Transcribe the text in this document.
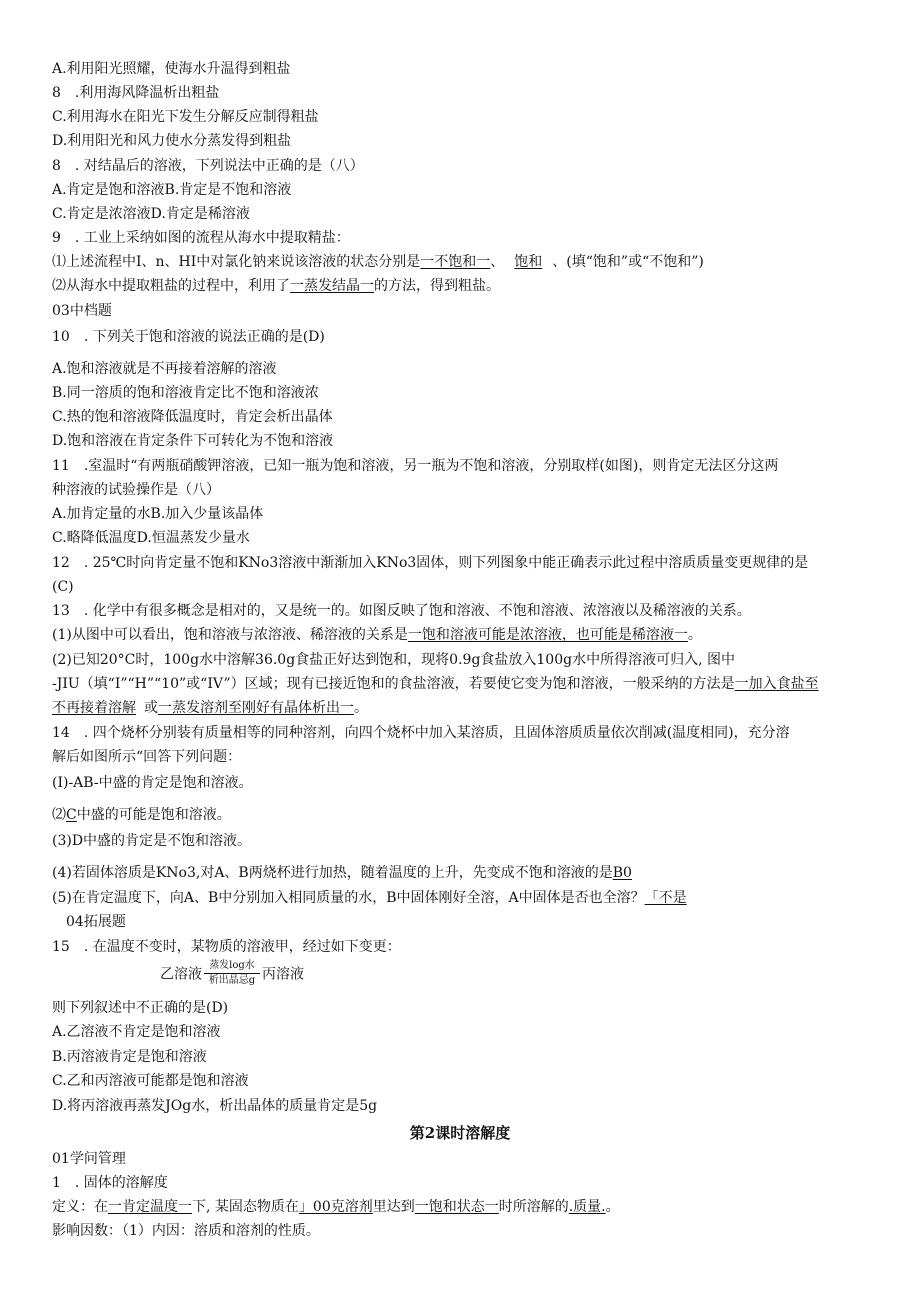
A.利用阳光照耀，使海水升温得到粗盐
8　.利用海风降温析出粗盐
C.利用海水在阳光下发生分解反应制得粗盐
D.利用阳光和风力使水分蒸发得到粗盐
8　. 对结晶后的溶液，下列说法中正确的是（八）
A.肯定是饱和溶液B.肯定是不饱和溶液
C.肯定是浓溶液D.肯定是稀溶液
9　. 工业上采纳如图的流程从海水中提取精盐：
⑴上述流程中I、n、HI中对氯化钠来说该溶液的状态分别是一不饱和一、 饱和 、(填“饱和”或“不饱和”)
⑵从海水中提取粗盐的过程中，利用了一蒸发结晶一的方法，得到粗盐。
03中档题
10　. 下列关于饱和溶液的说法正确的是(D)
A.饱和溶液就是不再接着溶解的溶液
B.同一溶质的饱和溶液肯定比不饱和溶液浓
C.热的饱和溶液降低温度时，肯定会析出晶体
D.饱和溶液在肯定条件下可转化为不饱和溶液
11　.室温时“有两瓶硝酸钾溶液，已知一瓶为饱和溶液，另一瓶为不饱和溶液，分别取样(如图)，则肯定无法区分这两
种溶液的试验操作是（八）
A.加肯定量的水B.加入少量该晶体
C.略降低温度D.恒温蒸发少量水
12　. 25℃时向肯定量不饱和KNo3溶液中渐渐加入KNo3固体，则下列图象中能正确表示此过程中溶质质量变更规律的是
(C)
13　. 化学中有很多概念是相对的，又是统一的。如图反映了饱和溶液、不饱和溶液、浓溶液以及稀溶液的关系。
(1)从图中可以看出，饱和溶液与浓溶液、稀溶液的关系是一饱和溶液可能是浓溶液，也可能是稀溶液一。
(2)已知20°C时，100g水中溶解36.0g食盐正好达到饱和，现将0.9g食盐放入100g水中所得溶液可归入, 图中
-JIU（填“I”“H”“10”或“IV”）区域；现有已接近饱和的食盐溶液，若要使它变为饱和溶液，一般采纳的方法是一加入食盐至
不再接着溶解 或一蒸发溶剂至刚好有晶体析出一。
14　. 四个烧杯分别装有质量相等的同种溶剂，向四个烧杯中加入某溶质，且固体溶质质量依次削减(温度相同)，充分溶
解后如图所示“回答下列问题：
(I)-AB-中盛的肯定是饱和溶液。
⑵C中盛的可能是饱和溶液。
(3)D中盛的肯定是不饱和溶液。
(4)若固体溶质是KNo3,对A、B两烧杯进行加热，随着温度的上升，先变成不饱和溶液的是B0
(5)在肯定温度下，向A、B中分别加入相同质量的水，B中固体刚好全溶，A中固体是否也全溶？「不是
04拓展题
15　. 在温度不变时，某物质的溶液甲，经过如下变更：
乙溶液
蒸发log水
析出晶忌g 丙溶液
则下列叙述中不正确的是(D)
A.乙溶液不肯定是饱和溶液
B.丙溶液肯定是饱和溶液
C.乙和丙溶液可能都是饱和溶液
D.将丙溶液再蒸发JOg水，析出晶体的质量肯定是5g
第2课时溶解度
01学问管理
1　. 固体的溶解度
定义：在一肯定温度一下, 某固态物质在」00克溶剂里达到一饱和状态一时所溶解的.质量.。
影响因数：（1）内因：溶质和溶剂的性质。
